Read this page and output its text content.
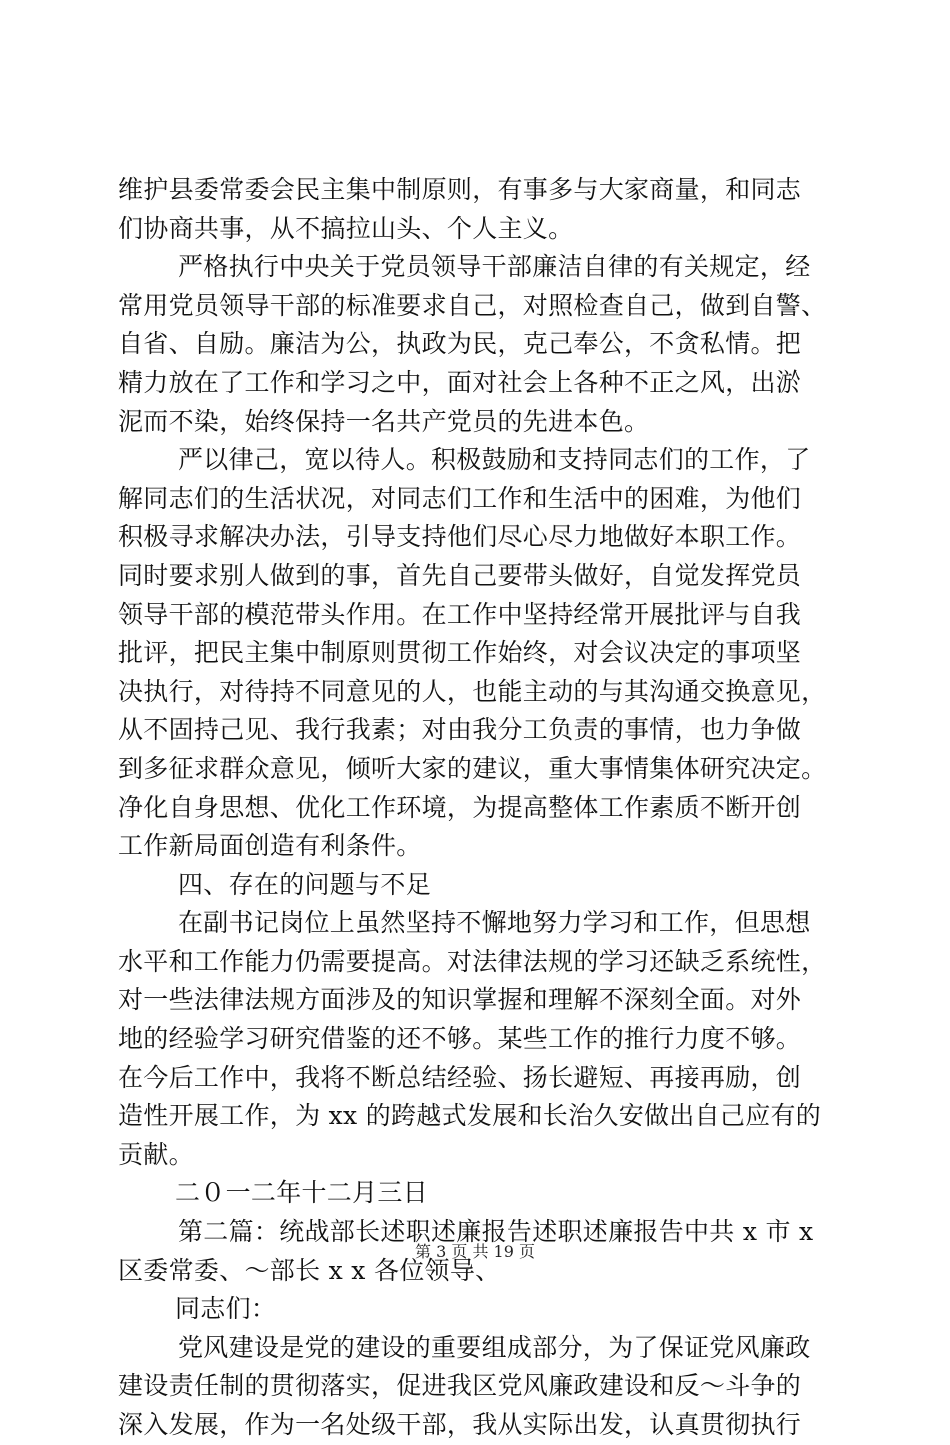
维护县委常委会民主集中制原则，有事多与大家商量，和同志
们协商共事，从不搞拉山头、个人主义。
严格执行中央关于党员领导干部廉洁自律的有关规定，经
常用党员领导干部的标准要求自己，对照检查自己，做到自警、
自省、自励。廉洁为公，执政为民，克己奉公，不贪私情。把
精力放在了工作和学习之中，面对社会上各种不正之风，出淤
泥而不染，始终保持一名共产党员的先进本色。
严以律己，宽以待人。积极鼓励和支持同志们的工作，了
解同志们的生活状况，对同志们工作和生活中的困难，为他们
积极寻求解决办法，引导支持他们尽心尽力地做好本职工作。
同时要求别人做到的事，首先自己要带头做好，自觉发挥党员
领导干部的模范带头作用。在工作中坚持经常开展批评与自我
批评，把民主集中制原则贯彻工作始终，对会议决定的事项坚
决执行，对待持不同意见的人，也能主动的与其沟通交换意见，
从不固持己见、我行我素；对由我分工负责的事情，也力争做
到多征求群众意见，倾听大家的建议，重大事情集体研究决定。
净化自身思想、优化工作环境，为提高整体工作素质不断开创
工作新局面创造有利条件。
四、存在的问题与不足
在副书记岗位上虽然坚持不懈地努力学习和工作，但思想
水平和工作能力仍需要提高。对法律法规的学习还缺乏系统性，
对一些法律法规方面涉及的知识掌握和理解不深刻全面。对外
地的经验学习研究借鉴的还不够。某些工作的推行力度不够。
在今后工作中，我将不断总结经验、扬长避短、再接再励，创
造性开展工作，为 xx 的跨越式发展和长治久安做出自己应有的
贡献。
二０一二年十二月三日
第二篇：统战部长述职述廉报告述职述廉报告中共 x 市 x
区委常委、～部长 x x 各位领导、
同志们：
党风建设是党的建设的重要组成部分，为了保证党风廉政
建设责任制的贯彻落实，促进我区党风廉政建设和反～斗争的
深入发展，作为一名处级干部，我从实际出发，认真贯彻执行
第 3 页 共 19 页
